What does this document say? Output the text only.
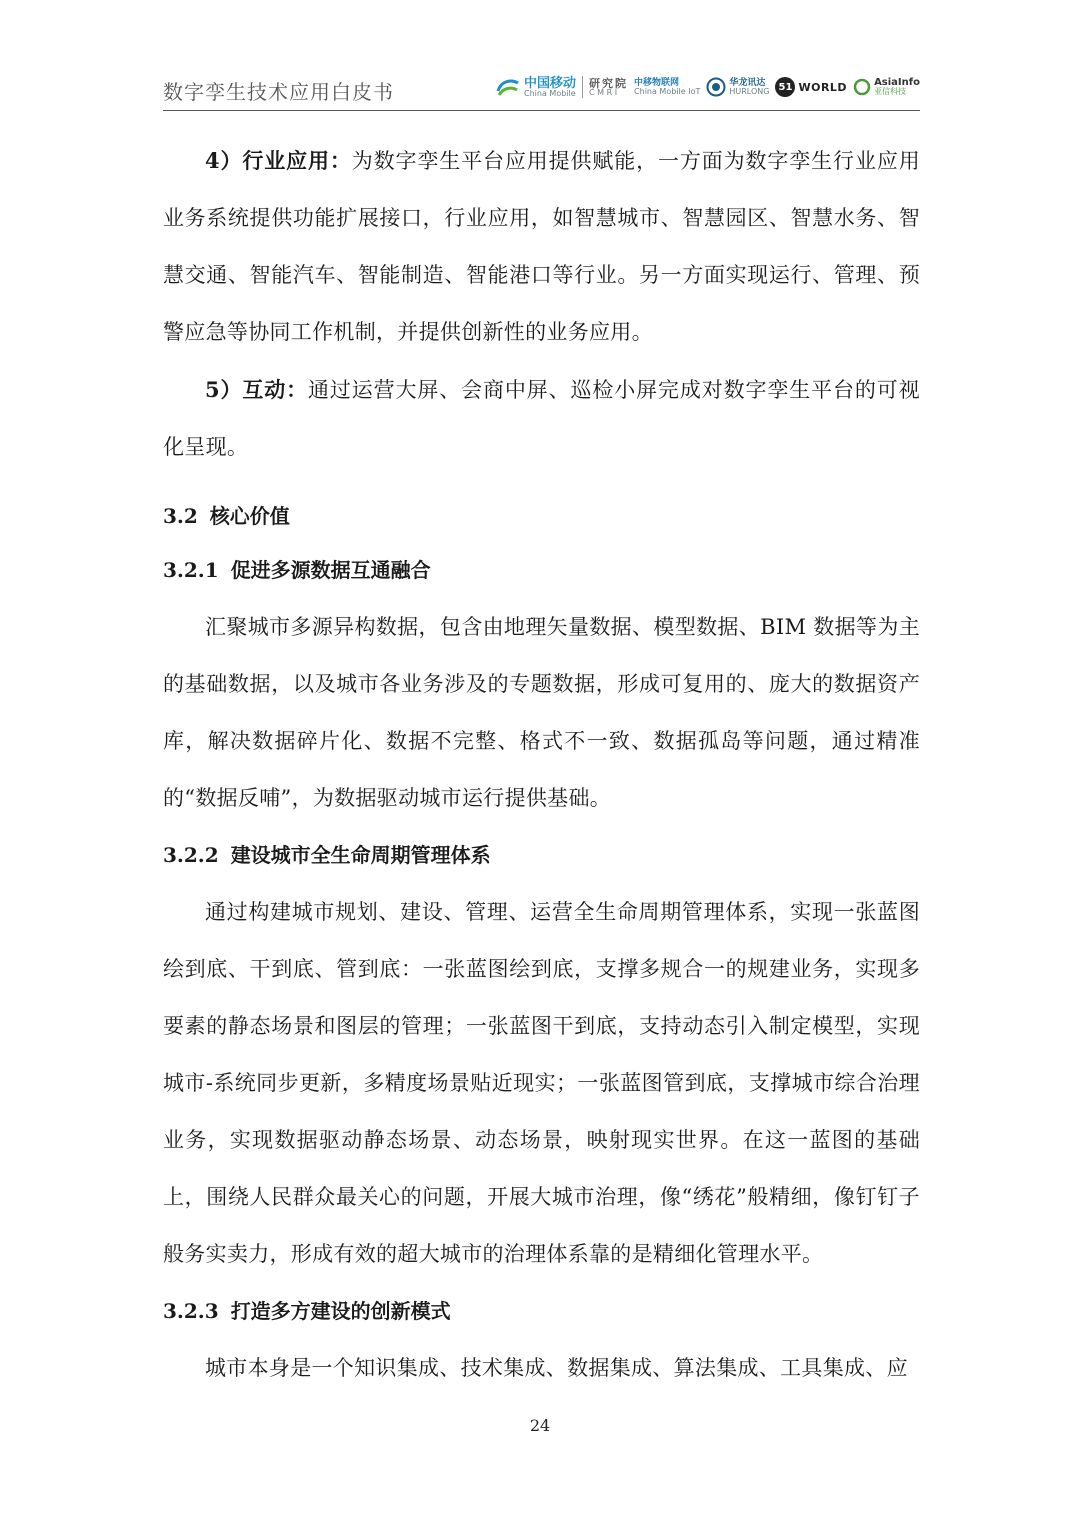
数字孪生技术应用白皮书	中国移动
China Mobile
研究院
C M R I
中移物联网
China Mobile IoT
华龙讯达
HURLONG 51 WORLD	AsiaInfo
亚信科技

4）行业应用：为数字孪生平台应用提供赋能，一方面为数字孪生行业应用业务系统提供功能扩展接口，行业应用，如智慧城市、智慧园区、智慧水务、智慧交通、智能汽车、智能制造、智能港口等行业。另一方面实现运行、管理、预警应急等协同工作机制，并提供创新性的业务应用。

5）互动：通过运营大屏、会商中屏、巡检小屏完成对数字孪生平台的可视化呈现。

3.2 核心价值
3.2.1 促进多源数据互通融合

汇聚城市多源异构数据，包含由地理矢量数据、模型数据、BIM 数据等为主的基础数据，以及城市各业务涉及的专题数据，形成可复用的、庞大的数据资产库，解决数据碎片化、数据不完整、格式不一致、数据孤岛等问题，通过精准的“数据反哺”，为数据驱动城市运行提供基础。

3.2.2 建设城市全生命周期管理体系

通过构建城市规划、建设、管理、运营全生命周期管理体系，实现一张蓝图绘到底、干到底、管到底：一张蓝图绘到底，支撑多规合一的规建业务，实现多要素的静态场景和图层的管理；一张蓝图干到底，支持动态引入制定模型，实现城市-系统同步更新，多精度场景贴近现实；一张蓝图管到底，支撑城市综合治理业务，实现数据驱动静态场景、动态场景，映射现实世界。在这一蓝图的基础上，围绕人民群众最关心的问题，开展大城市治理，像“绣花”般精细，像钉钉子般务实卖力，形成有效的超大城市的治理体系靠的是精细化管理水平。

3.2.3 打造多方建设的创新模式

城市本身是一个知识集成、技术集成、数据集成、算法集成、工具集成、应

24
